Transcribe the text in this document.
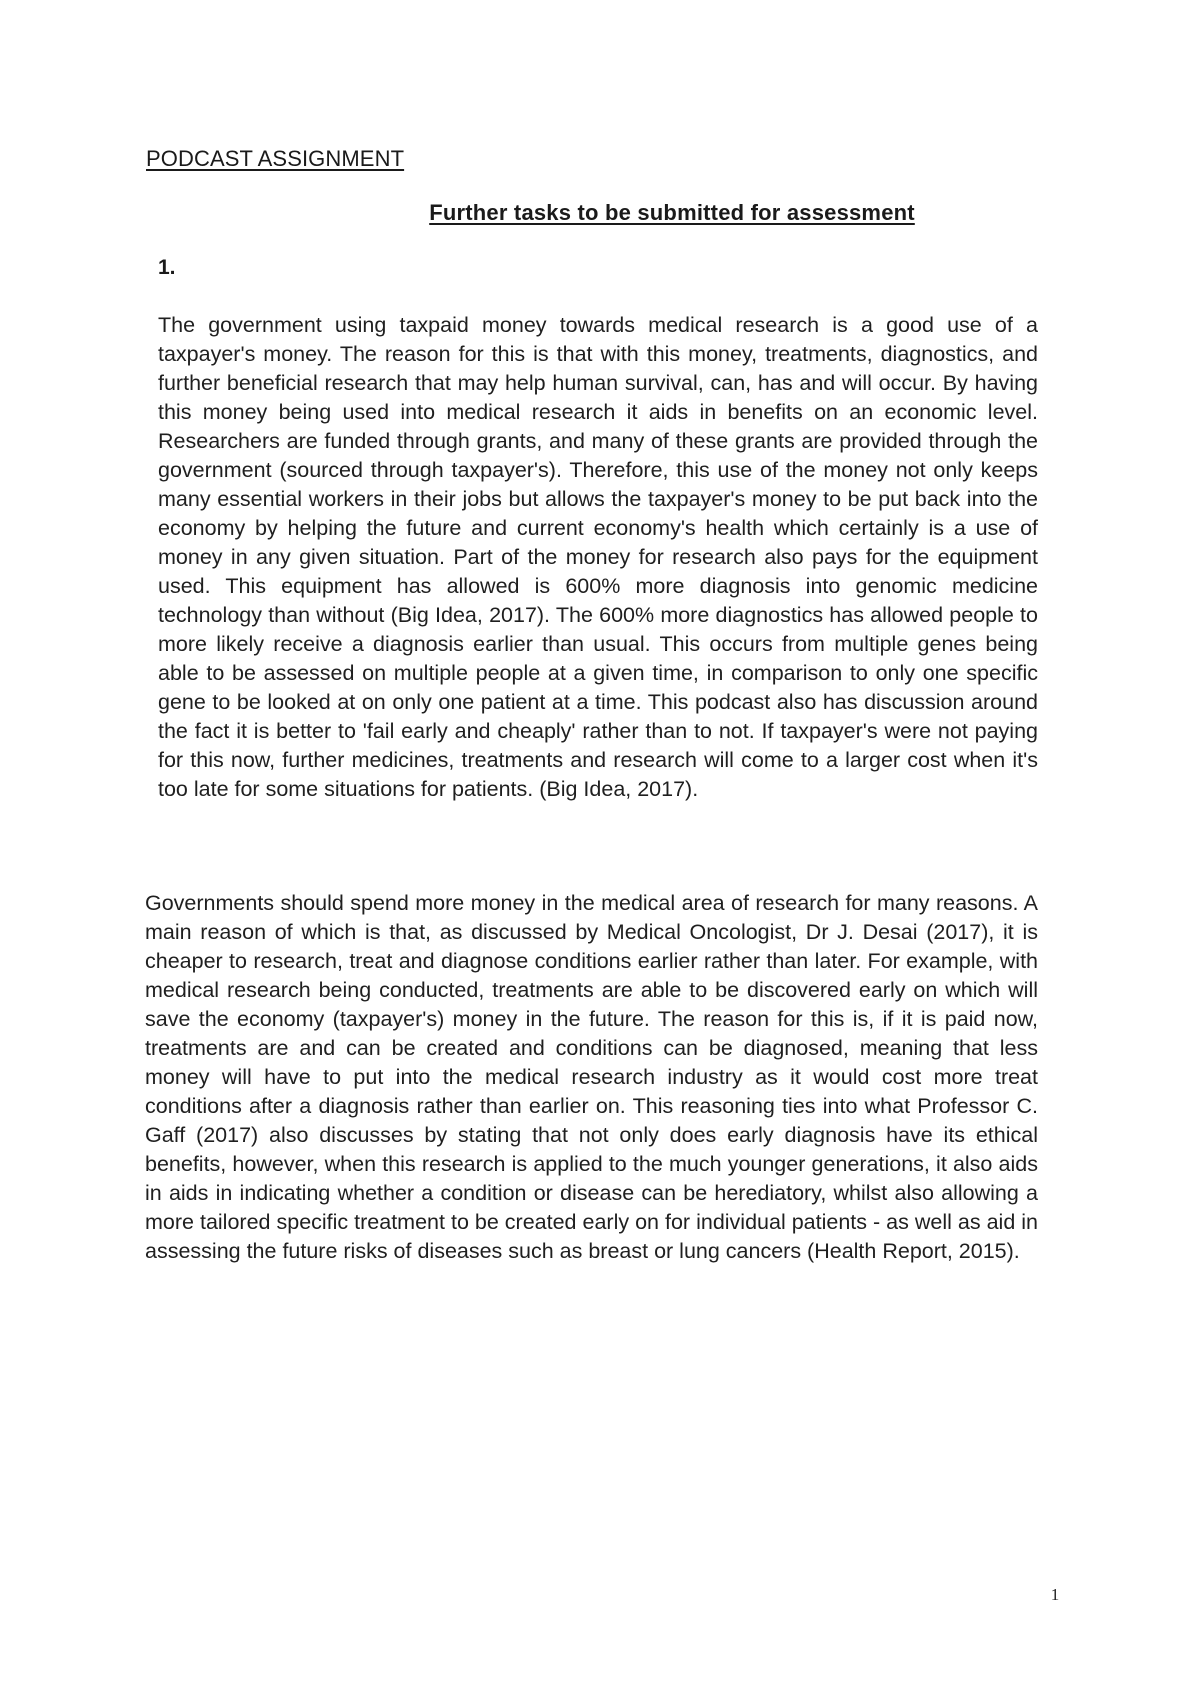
PODCAST ASSIGNMENT
Further tasks to be submitted for assessment
1.

The government using taxpaid money towards medical research is a good use of a taxpayer's money. The reason for this is that with this money, treatments, diagnostics, and further beneficial research that may help human survival, can, has and will occur. By having this money being used into medical research it aids in benefits on an economic level. Researchers are funded through grants, and many of these grants are provided through the government (sourced through taxpayer's). Therefore, this use of the money not only keeps many essential workers in their jobs but allows the taxpayer's money to be put back into the economy by helping the future and current economy's health which certainly is a use of money in any given situation. Part of the money for research also pays for the equipment used. This equipment has allowed is 600% more diagnosis into genomic medicine technology than without (Big Idea, 2017). The 600% more diagnostics has allowed people to more likely receive a diagnosis earlier than usual. This occurs from multiple genes being able to be assessed on multiple people at a given time, in comparison to only one specific gene to be looked at on only one patient at a time. This podcast also has discussion around the fact it is better to 'fail early and cheaply' rather than to not. If taxpayer's were not paying for this now, further medicines, treatments and research will come to a larger cost when it's too late for some situations for patients. (Big Idea, 2017).

Governments should spend more money in the medical area of research for many reasons. A main reason of which is that, as discussed by Medical Oncologist, Dr J. Desai (2017), it is cheaper to research, treat and diagnose conditions earlier rather than later. For example, with medical research being conducted, treatments are able to be discovered early on which will save the economy (taxpayer's) money in the future. The reason for this is, if it is paid now, treatments are and can be created and conditions can be diagnosed, meaning that less money will have to put into the medical research industry as it would cost more treat conditions after a diagnosis rather than earlier on. This reasoning ties into what Professor C. Gaff (2017) also discusses by stating that not only does early diagnosis have its ethical benefits, however, when this research is applied to the much younger generations, it also aids in aids in indicating whether a condition or disease can be herediatory, whilst also allowing a more tailored specific treatment to be created early on for individual patients - as well as aid in assessing the future risks of diseases such as breast or lung cancers (Health Report, 2015).

1
